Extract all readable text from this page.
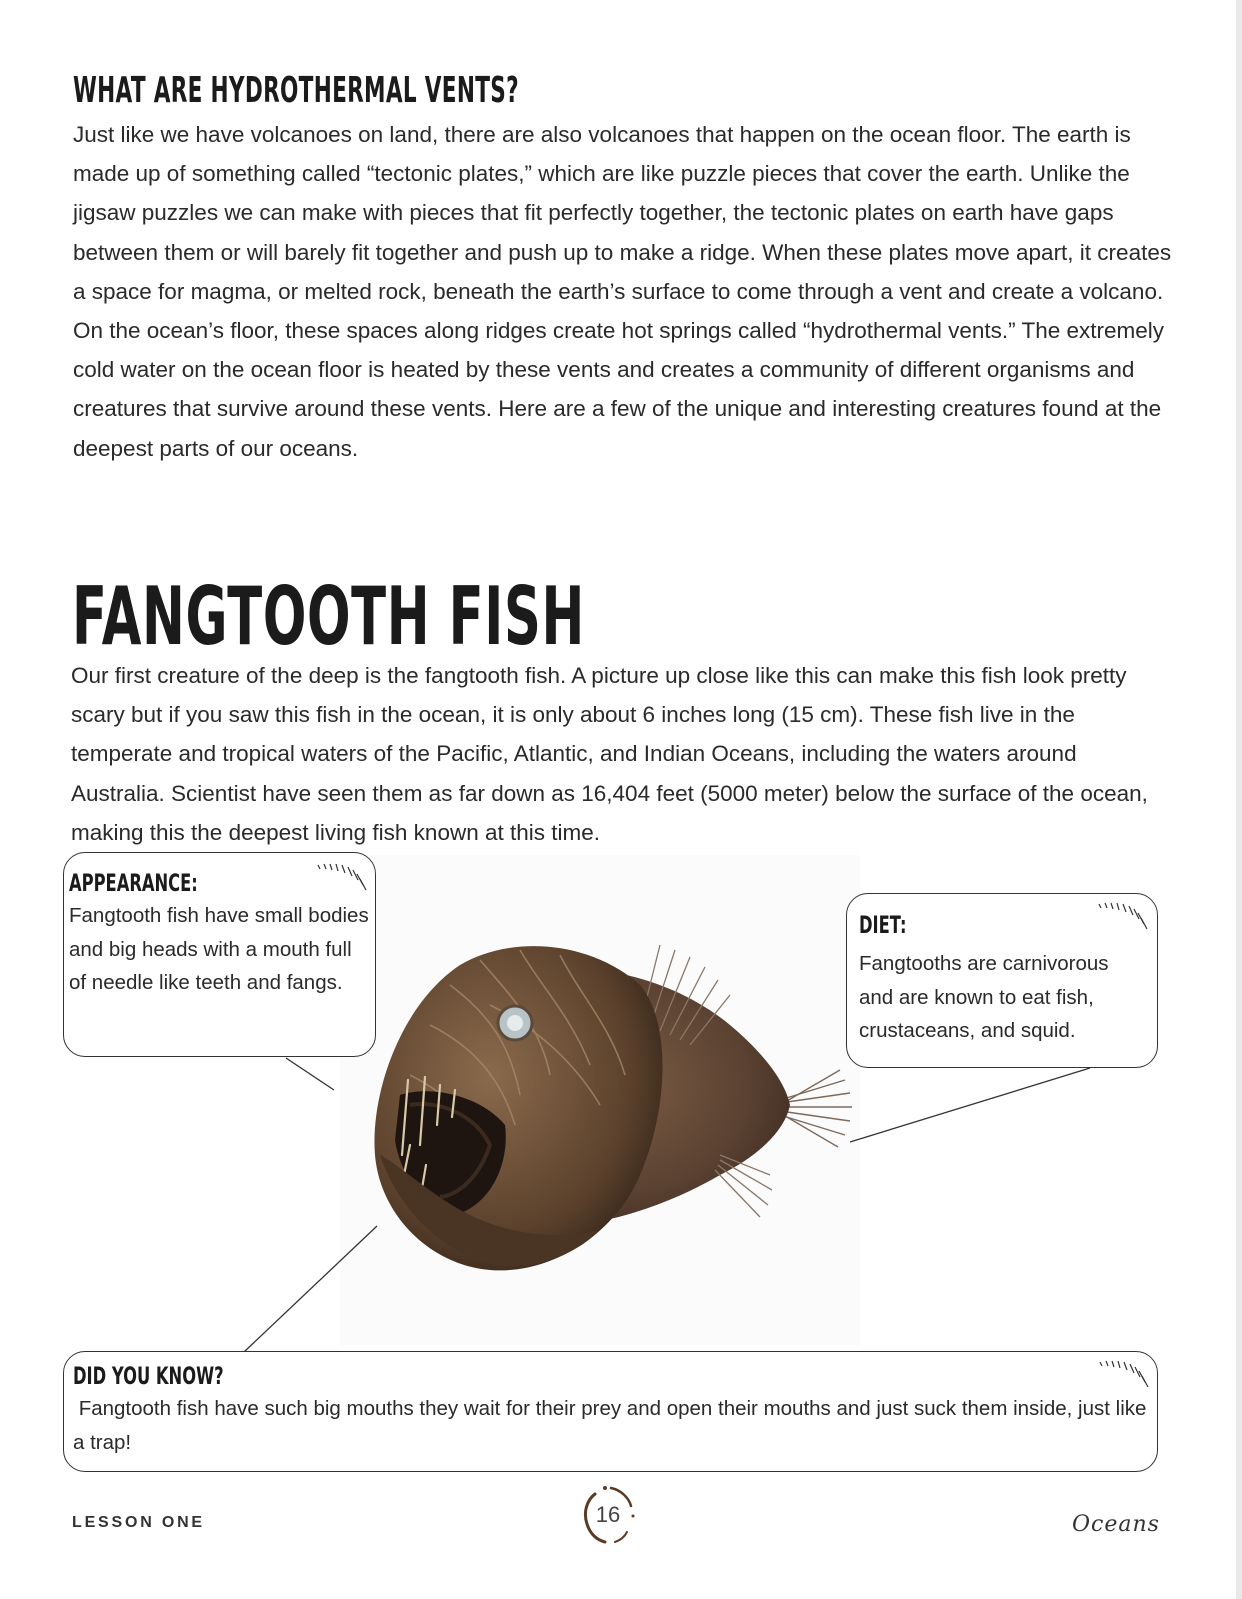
WHAT ARE HYDROTHERMAL VENTS?
Just like we have volcanoes on land, there are also volcanoes that happen on the ocean floor. The earth is made up of something called “tectonic plates,” which are like puzzle pieces that cover the earth. Unlike the jigsaw puzzles we can make with pieces that fit perfectly together, the tectonic plates on earth have gaps between them or will barely fit together and push up to make a ridge. When these plates move apart, it creates a space for magma, or melted rock, beneath the earth’s surface to come through a vent and create a volcano. On the ocean’s floor, these spaces along ridges create hot springs called “hydrothermal vents.” The extremely cold water on the ocean floor is heated by these vents and creates a community of different organisms and creatures that survive around these vents. Here are a few of the unique and interesting creatures found at the deepest parts of our oceans.
FANGTOOTH FISH
Our first creature of the deep is the fangtooth fish. A picture up close like this can make this fish look pretty scary but if you saw this fish in the ocean, it is only about 6 inches long (15 cm). These fish live in the temperate and tropical waters of the Pacific, Atlantic, and Indian Oceans, including the waters around Australia. Scientist have seen them as far down as 16,404 feet (5000 meter) below the surface of the ocean, making this the deepest living fish known at this time.
APPEARANCE:
Fangtooth fish have small bodies and big heads with a mouth full of needle like teeth and fangs.
DIET:
Fangtooths are carnivorous and are known to eat fish, crustaceans, and squid.
DID YOU KNOW?
Fangtooth fish have such big mouths they wait for their prey and open their mouths and just suck them inside, just like a trap!
LESSON ONE	16	Oceans
